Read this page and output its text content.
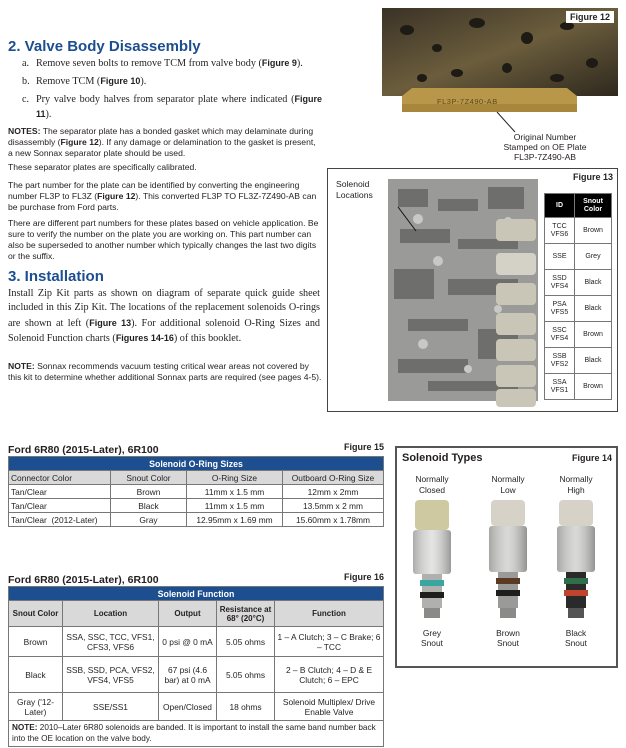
2. Valve Body Disassembly
a. Remove seven bolts to remove TCM from valve body (Figure 9).
b. Remove TCM (Figure 10).
c. Pry valve body halves from separator plate where indicated (Figure 11).
NOTES: The separator plate has a bonded gasket which may delaminate during disassembly (Figure 12). If any damage or delamination to the gasket is present, a new Sonnax separator plate should be used.
These separator plates are specifically calibrated.
The part number for the plate can be identified by converting the engineering number FL3P to FL3Z (Figure 12). This converted FL3P TO FL3Z-7Z490-AB can be purchase from Ford parts.
There are different part numbers for these plates based on vehicle application. Be sure to verify the number on the plate you are working on. This part number can also be superseded to another number which typically changes the last two digits or the suffix.
3. Installation
Install Zip Kit parts as shown on diagram of separate quick guide sheet included in this Zip Kit. The locations of the replacement solenoids O-rings are shown at left (Figure 13). For additional solenoid O-Ring Sizes and Solenoid Function charts (Figures 14-16) of this booklet.
NOTE: Sonnax recommends vacuum testing critical wear areas not covered by this kit to determine whether additional Sonnax parts are required (see pages 4-5).
Figure 12
FL3P-7Z490-AB
Original Number
Stamped on OE Plate
FL3P-7Z490-AB
Solenoid
Locations
Figure 13
ID	Snout Color
TCC VFS6	Brown
SSE	Grey
SSD VFS4	Black
PSA VFS5	Black
SSC VFS4	Brown
SSB VFS2	Black
SSA VFS1	Brown
Ford 6R80 (2015-Later), 6R100	Figure 15
Solenoid O-Ring Sizes			
Connector Color	Snout Color	O-Ring Size	Outboard O-Ring Size
Tan/Clear	Brown	11mm x 1.5 mm	12mm x 2mm
Tan/Clear	Black	11mm x 1.5 mm	13.5mm x 2 mm
Tan/Clear  (2012-Later)	Gray	12.95mm x 1.69 mm	15.60mm x 1.78mm
Solenoid Types	Figure 14
Normally
Closed
Grey
Snout
Normally
Low
Brown
Snout
Normally
High
Black
Snout
Ford 6R80 (2015-Later), 6R100	Figure 16
Solenoid Function				
Snout Color	Location	Output	Resistance at 68° (20°C)	Function
Brown	SSA, SSC, TCC, VFS1, CFS3, VFS6	0 psi @ 0 mA	5.05 ohms	1 – A Clutch; 3 – C Brake; 6 – TCC
Black	SSB, SSD, PCA, VFS2, VFS4, VFS5	67 psi (4.6 bar) at 0 mA	5.05 ohms	2 – B Clutch; 4 – D & E Clutch; 6 – EPC
Gray ('12-Later)	SSE/SS1	Open/Closed	18 ohms	Solenoid Multiplex/ Drive Enable Valve
NOTE: 2010–Later 6R80 solenoids are banded. It is important to install the same band number back into the OE location on the valve body.				
